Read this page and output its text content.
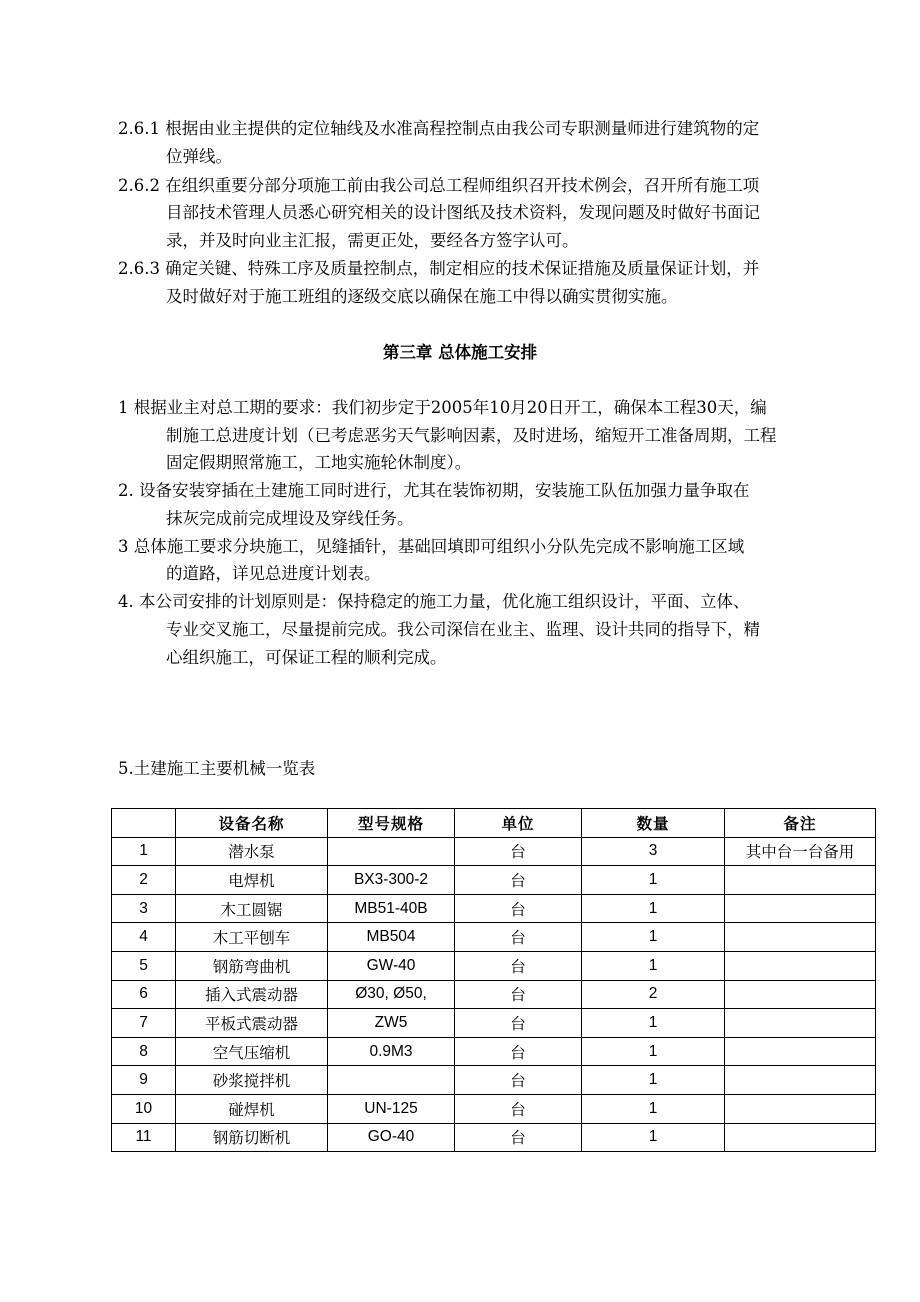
2.6.1 根据由业主提供的定位轴线及水准高程控制点由我公司专职测量师进行建筑物的定
位弹线。
2.6.2 在组织重要分部分项施工前由我公司总工程师组织召开技术例会，召开所有施工项
目部技术管理人员悉心研究相关的设计图纸及技术资料，发现问题及时做好书面记
录，并及时向业主汇报，需更正处，要经各方签字认可。
2.6.3 确定关键、特殊工序及质量控制点，制定相应的技术保证措施及质量保证计划，并
及时做好对于施工班组的逐级交底以确保在施工中得以确实贯彻实施。
第三章 总体施工安排
1 根据业主对总工期的要求：我们初步定于2005年10月20日开工，确保本工程30天，编
制施工总进度计划（已考虑恶劣天气影响因素，及时进场，缩短开工准备周期，工程
固定假期照常施工，工地实施轮休制度）。
2. 设备安装穿插在土建施工同时进行，尤其在装饰初期，安装施工队伍加强力量争取在
抹灰完成前完成埋设及穿线任务。
3 总体施工要求分块施工，见缝插针，基础回填即可组织小分队先完成不影响施工区域
的道路，详见总进度计划表。
4. 本公司安排的计划原则是：保持稳定的施工力量，优化施工组织设计，平面、立体、
专业交叉施工，尽量提前完成。我公司深信在业主、监理、设计共同的指导下，精
心组织施工，可保证工程的顺利完成。
5.土建施工主要机械一览表
	设备名称	型号规格	单位	数量	备注
1	潜水泵		台	3	其中台一台备用
2	电焊机	BX3-300-2	台	1	
3	木工圆锯	MB51-40B	台	1	
4	木工平刨车	MB504	台	1	
5	钢筋弯曲机	GW-40	台	1	
6	插入式震动器	Ø30, Ø50,	台	2	
7	平板式震动器	ZW5	台	1	
8	空气压缩机	0.9M3	台	1	
9	砂浆搅拌机		台	1	
10	碰焊机	UN-125	台	1	
11	钢筋切断机	GO-40	台	1	
